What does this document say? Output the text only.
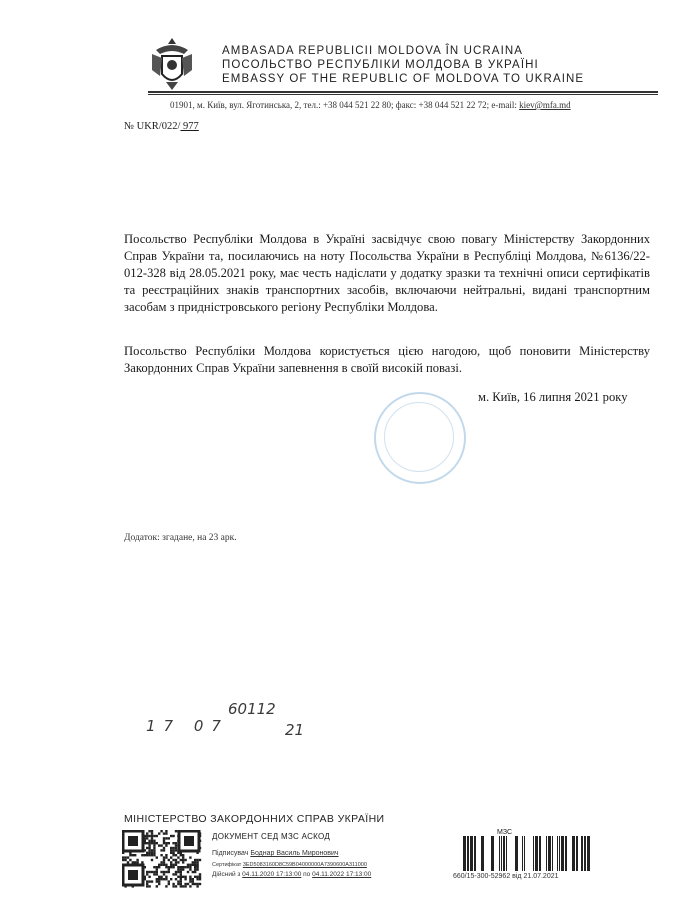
AMBASADA REPUBLICII MOLDOVA ÎN UCRAINA
ПОСОЛЬСТВО РЕСПУБЛІКИ МОЛДОВА В УКРАЇНІ
EMBASSY OF THE REPUBLIC OF MOLDOVA TO UKRAINE
01901, м. Київ, вул. Яготинська, 2, тел.: +38 044 521 22 80; факс: +38 044 521 22 72; e-mail: kiev@mfa.md
№ UKR/022/ 977
Посольство Республіки Молдова в Україні засвідчує свою повагу Міністерству Закордонних Справ України та, посилаючись на ноту Посольства України в Республіці Молдова, №6136/22-012-328 від 28.05.2021 року, має честь надіслати у додатку зразки та технічні описи сертифікатів та реєстраційних знаків транспортних засобів, включаючи нейтральні, видані транспортним засобам з придністровського регіону Республіки Молдова.
Посольство Республіки Молдова користується цією нагодою, щоб поновити Міністерству Закордонних Справ України запевнення в своїй високій повазі.
м. Київ, 16 липня 2021 року
Додаток: згадане, на 23 арк.
60112
17 07	21
МІНІСТЕРСТВО ЗАКОРДОННИХ СПРАВ УКРАЇНИ
ДОКУМЕНТ СЕД МЗС АСКОД	МЗС
Підписувач Боднар Василь Миронович
Сертифікат 3ED5083160D8C59B04000000A7390600A311000
Дійсний з 04.11.2020 17:13:00 по 04.11.2022 17:13:00	660/15-300-52962 від 21.07.2021
